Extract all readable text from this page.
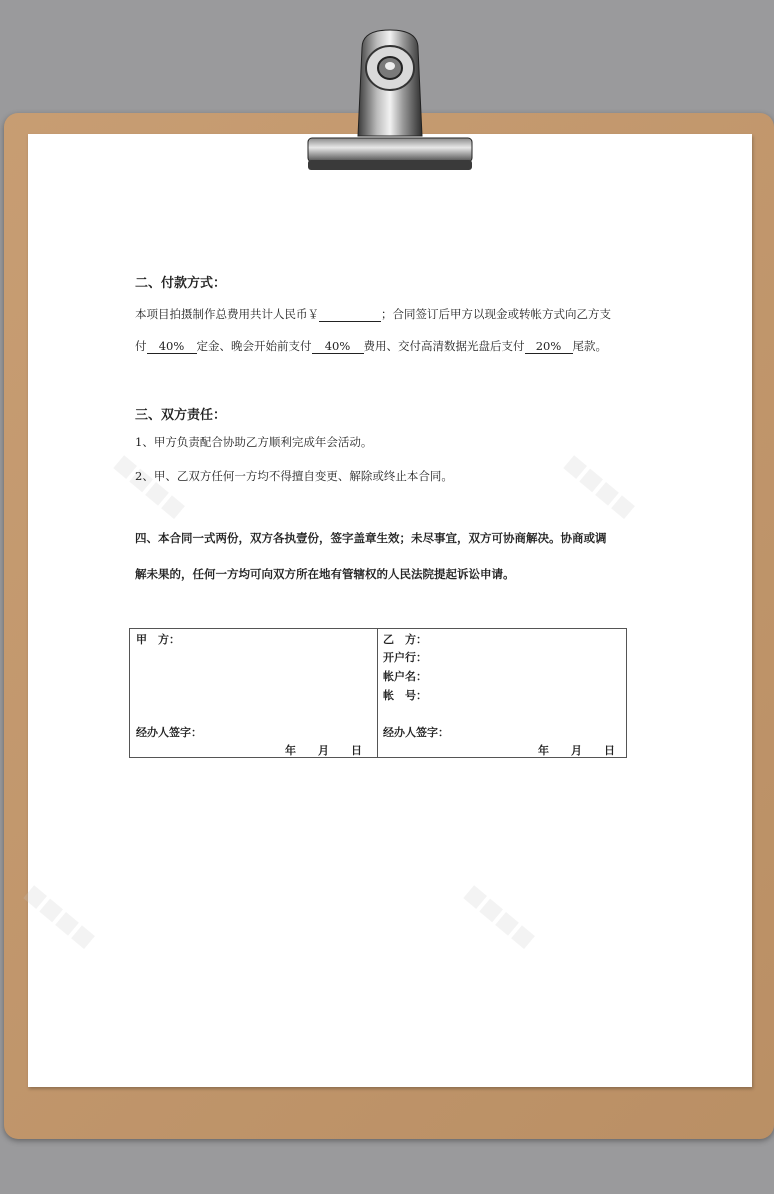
■■■■	■■■■
■■■■	■■■■
二、付款方式：
本项目拍摄制作总费用共计人民币￥	；合同签订后甲方以现金或转帐方式向乙方支
付 40% 定金、晚会开始前支付 40% 费用、交付高清数据光盘后支付 20% 尾款。
三、双方责任：
1、甲方负责配合协助乙方顺利完成年会活动。
2、甲、乙双方任何一方均不得擅自变更、解除或终止本合同。
四、本合同一式两份，双方各执壹份，签字盖章生效；未尽事宜，双方可协商解决。协商或调
解未果的，任何一方均可向双方所在地有管辖权的人民法院提起诉讼申请。
甲　方：
经办人签字：
年　　月　　日
乙　方：
开户行：
帐户名：
帐　号：
经办人签字：
年　　月　　日
